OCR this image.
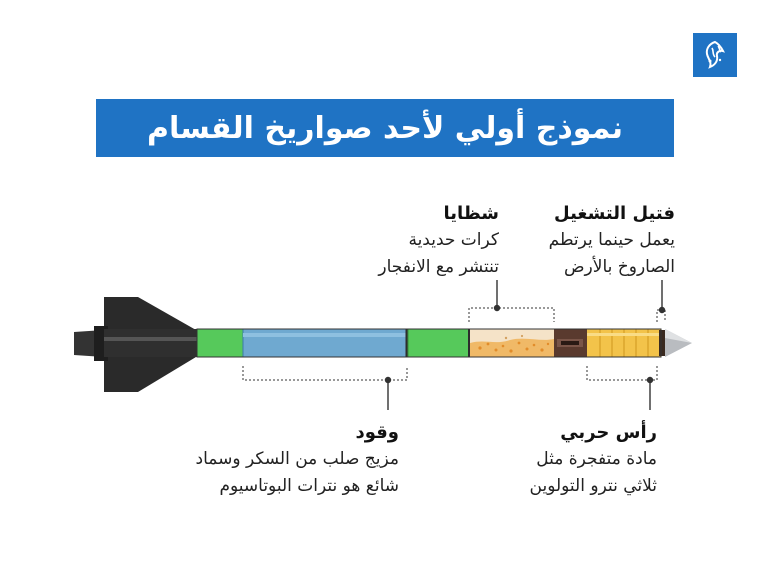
نموذج أولي لأحد صواريخ القسام
شظايا
كرات حديدية
تنتشر مع الانفجار
فتيل التشغيل
يعمل حينما يرتطم
الصاروخ بالأرض
وقود
مزيج صلب من السكر وسماد
شائع هو نترات البوتاسيوم
رأس حربي
مادة متفجرة مثل
ثلاثي نترو التولوين
